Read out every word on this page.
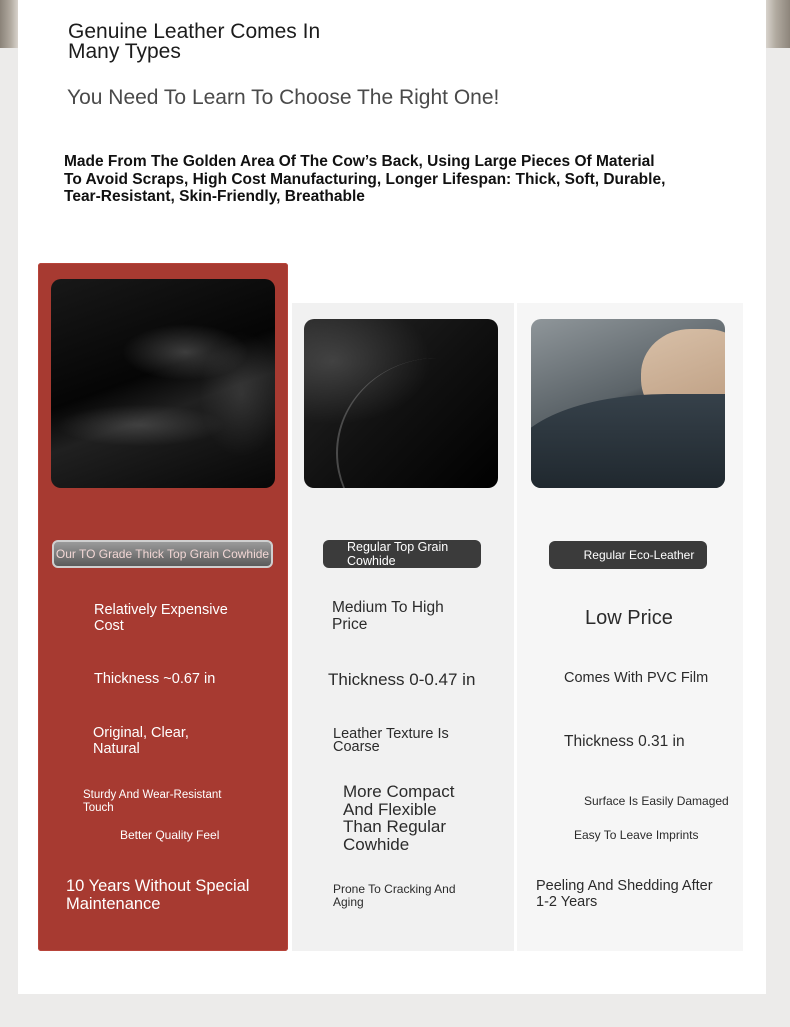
Genuine Leather Comes In Many Types
You Need To Learn To Choose The Right One!

Made From The Golden Area Of The Cow’s Back, Using Large Pieces Of Material To Avoid Scraps, High Cost Manufacturing, Longer Lifespan: Thick, Soft, Durable, Tear-Resistant, Skin-Friendly, Breathable

Our TO Grade Thick Top Grain Cowhide	Regular Top Grain Cowhide	Regular Eco-Leather
Relatively Expensive Cost
Thickness ~0.67 in
Original, Clear, Natural
Sturdy And Wear-Resistant Touch
Better Quality Feel
10 Years Without Special Maintenance
Medium To High Price
Thickness 0-0.47 in
Leather Texture Is Coarse
More Compact And Flexible Than Regular Cowhide
Prone To Cracking And Aging
Low Price
Comes With PVC Film
Thickness 0.31 in
Surface Is Easily Damaged
Easy To Leave Imprints
Peeling And Shedding After 1-2 Years
